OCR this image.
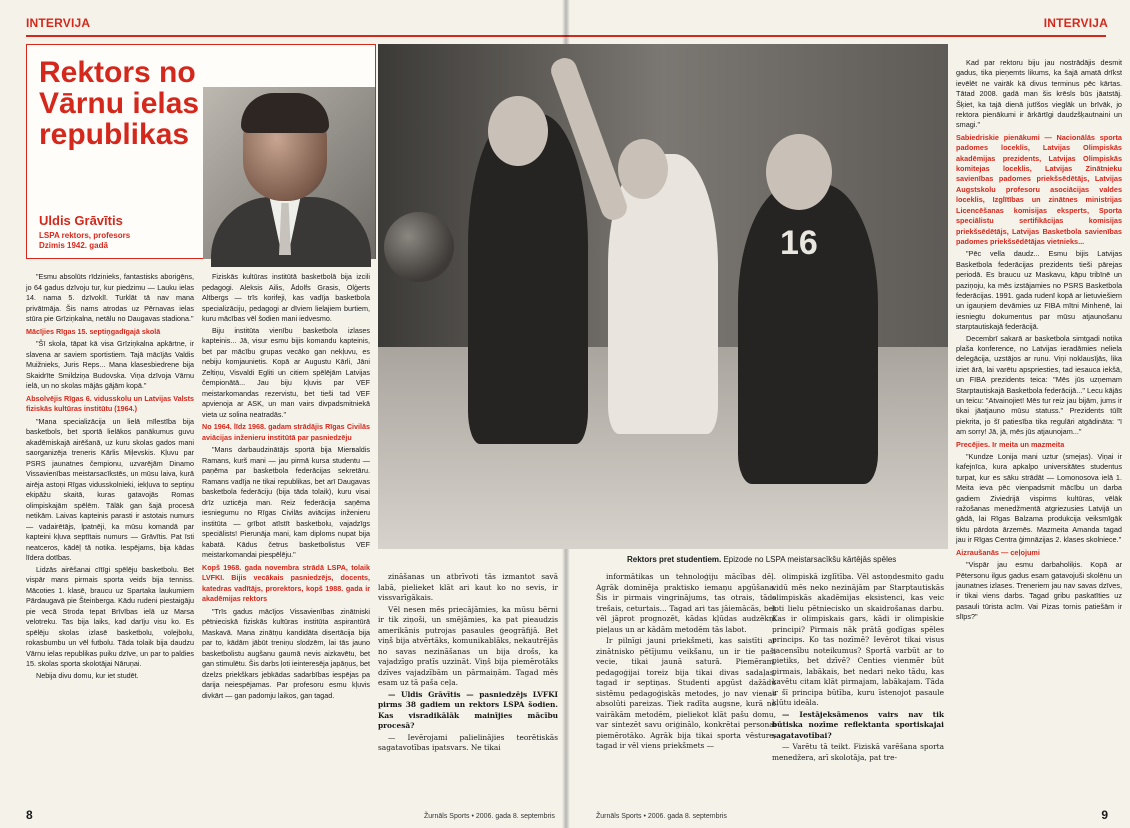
INTERVIJA
Rektors no Vārnu ielas republikas
Uldis Grāvītis
LSPA rektors, profesors
Dzimis 1942. gadā

"Esmu absolūts rīdzinieks, fantastisks aborigēns, jo 64 gadus dzīvoju tur, kur piedzimu — Lauku ielas 14. nama 5. dzīvoklī. Turklāt tā nav mana privātmāja. Šis nams atrodas uz Pērnavas ielas stūra pie Grīziņkalna, netālu no Daugavas stadiona."

Mācījies Rīgas 15. septiņgadīgajā skolā

"Šī skola, tāpat kā visa Grīziņkalna apkārtne, ir slavena ar saviem sportistiem. Tajā mācījās Valdis Muižnieks, Juris Reps... Mana klasesbiedrene bija Skaidrīte Smildziņa Budovska. Viņa dzīvoja Vārnu ielā, un no skolas mājās gājām kopā."

Absolvējis Rīgas 6. vidusskolu un Latvijas Valsts fiziskās kultūras institūtu (1964.)

"Mana specializācija un lielā mīlestība bija basketbols, bet sportā lielākos panākumus guvu akadēmiskajā airēšanā, uz kuru skolas gados mani saorganizēja treneris Kārlis Miļevskis. Kļuvu par PSRS jaunatnes čempionu, uzvarējām Dinamo Vissavienības meistarsacīkstēs, un mūsu laiva, kurā airēja astoņi Rīgas vidusskolnieki, iekļuva to septiņu ekipāžu skaitā, kuras gatavojās Romas olimpiskajām spēlēm. Tālāk gan šajā procesā netikām. Laivas kapteinis parasti ir astotais numurs — vadairētājs, lpatnēji, ka mūsu komandā par kapteini kļuva septītais numurs — Grāvītis. Pat īsti neatceros, kādēļ tā notika. Iespējams, bija kādas līdera dotības.

Lidzās airēšanai cītīgi spēlēju basketbolu. Bet vispār mans pirmais sporta veids bija tenniss. Mācoties 1. klasē, braucu uz Spartaka laukumiem Pārdaugavā pie Šteinberga. Kādu rudeni piestaigāju pie vecā Stroda tepat Brīvības ielā uz Marsa velotreku. Tas bija laiks, kad darīju visu ko. Es spēlēju skolas izlasē basketbolu, volejbolu, rokasbumbu un vēl futbolu. Tāda tolaik bija daudzu Vārnu ielas republikas puiku dzīve, un par to paldies 15. skolas sporta skolotājai Nāruņai.

Nebija divu domu, kur iet studēt.

Fiziskās kultūras institūtā basketbolā bija izcili pedagogi. Aleksis Ailis, Ādolfs Grasis, Olģerts Altbergs — trīs korifeji, kas vadīja basketbola specializāciju, pedagogi ar dīviem lielajiem burtiem, kuru mācības vēl šodien mani iedvesmo.

Biju institūta vienību basketbola izlases kapteinis... Jā, visur esmu bijis komandu kapteinis, bet par mācību grupas vecāko gan nekļuvu, es nebiju komjaunietis. Kopā ar Augustu Kārli, Jāni Zeltiņu, Visvaldi Egliti un citiem spēlējām Latvijas čempionātā... Jau biju kļuvis par VEF meistarkomandas rezervistu, bet tieši tad VEF apvienoja ar ASK, un man vairs divpadsmitniekā vieta uz solina neatradās."

No 1964. līdz 1968. gadam strādājis Rīgas Civilās aviācijas inženieru institūtā par pasniedzēju

"Mans darbaudzinātājs sportā bija Mierваldis Ramans, kurš mani — jau pirmā kursa studentu — paņēma par basketbola federācijas sekretāru. Ramans vadīja ne tikai republikas, bet arī Daugavas basketbola federāciju (bija tāda tolaik), kuru visai drīz uzticēja man. Reiz federācija saņēma iesniegumu no Rīgas Civilās aviācijas inženieru institūta — grībot atīstīt basketbolu, vajadzīgs speciālists! Pierunāja mani, kam diploms nupat bija kabatā. Kādus četrus basketbolistus VEF meistarkomandai piespēlēju."

Kopš 1968. gada novembra strādā LSPA, tolaik LVFKI. Bijis vecākais pasniedzējs, docents, katedras vadītājs, prorektors, kopš 1988. gada ir akadēmijas rektors

"Trīs gadus mācījos Vissavienības zinātniski pētnieciskā fiziskās kultūras institūta aspirantūrā Maskavā. Mana zinātņu kandidāta disertācija bija par to, kādām jābūt treniņu slodzēm, lai tās jauno basketbolistu augšanu gaumā nevis aizkavētu, bet gan stimulētu. Šis darbs ļoti ieinteresēja japāņus, bet dzelzs priekškars jebkādas sadarbības iespējas pa darija neiespējamas. Par profesoru esmu kļuvis divkārt — gan padomju laikos, gan tagad.

zināšanas un atbrīvoti tās izmantot savā labā, pielieket klāt ari kaut ko no sevis, ir vissvarīgākais.

Vēl nesen mēs priecājāmies, ka mūsu bērni ir tik ziņoši, un smējāmies, ka pat pieaudzis amerikānis putrojas pasaules ģeogrāfijā. Bet viņš bija atvērtāks, komunikablāks, nekautrējās no savas nezināšanas un bija drošs, ka vajadzīgo pratīs uzzināt. Viņš bija piemērotāks dzīves vajadzībām un pārmaiņām. Tagad mēs esam uz tā paša ceļa.

— Uldis Grāvītis — pasniedzējs LVFKI pirms 38 gadiem un rektors LSPA šodien. Kas visradikālāk mainījies mācību procesā?

— Ievērojami palielinājies teorētiskās sagatavotības ipatsvars. Ne tikai

8
INTERVIJA

informātikas un tehnoloģiju mācības dēļ. Agrāk dominēja praktisko iemaņu apgūšana. Šis ir pirmais vingrinājums, tas otrais, tāds trešais, ceturtais... Tagad ari tas jāiemācās, bet vēl jāprot prognozēt, kādas kļūdas audzēkņi pieļaus un ar kādām metodēm tās labot.

Ir pilnīgi jauni priekšmeti, kas saistīti ar zinātnisko pētījumu veikšanu, un ir tie paši vecie, tikai jaunā saturā. Piemēram, pedagoģijai toreiz bija tikai divas sadaļas, tagad ir septiņas. Studenti apgūst dažādu sistēmu pedagoģiskās metodes, jo nav vienas absolūti pareizas. Tiek radīta augsne, kurā no vairākām metodēm, pieliekot klāt pašu domu, var sintezēt savu oriģinālo, konkrētai personai piemērotāko. Agrāk bija tikai sporta vēsture, tagad ir vēl viens priekšmets —

olimpiskā izglītība. Vēl astoņdesmito gadu vidū mēs neko nezinājām par Starptautiskās olimpiskās akadēmijas eksistenci, kas veic ļoti lielu pētniecisko un skaidrošanas darbu. Kas ir olimpiskais gars, kādi ir olimpiskie principi? Pirmais nāk prātā godīgas spēles princips. Ko tas nozīmē? Ievērot tikai visus sacensību noteikumus? Sportā varbūt ar to pietiks, bet dzīvē? Centies vienmēr būt pirmais, labākais, bet nedari neko tādu, kas kavētu citam klāt pirmajam, labākajam. Tāda ir šī principa būtība, kuru īstenojot pasaule kļūtu ideāla.

— Iestājeksāmenos vairs nav tik būtiska nozīme reflektanta sportiskajai sagatavotībai?

— Varētu tā teikt. Fiziskā varēšana sporta menedžera, arī skolotāja, pat tre-

Žurnāls Sports • 2006. gada 8. septembris	Žurnāls Sports • 2006. gada 8. septembris	9
16
Rektors pret studentiem. Epizode no LSPA meistarsacīkšu kārtējās spēles

Kad par rektoru biju jau nostrādājis desmit gadus, tika pieņemts likums, ka šajā amatā drīkst ievēlēt ne vairāk kā divus terminus pēc kārtas. Tātad 2008. gadā man šis krēsls būs jāatstāj. Šķiet, ka tajā dienā jutīšos vieglāk un brīvāk, jo rektora pienākumi ir ārkārtīgi daudzšķautnaini un smagi."

Sabiedriskie pienākumi — Nacionālās sporta padomes loceklis, Latvijas Olimpiskās akadēmijas prezidents, Latvijas Olimpiskās komitejas loceklis, Latvijas Zinātnieku savienības padomes priekšsēdētājs, Latvijas Augstskolu profesoru asociācijas valdes loceklis, Izglītības un zinātnes ministrijas Licencēšanas komisijas eksperts, Sporta speciālistu sertifikācijas komisijas priekšsēdētājs, Latvijas Basketbola savienības padomes priekšsēdētājas vietnieks...

"Pēc vella daudz... Esmu bijis Latvijas Basketbola federācijas prezidents tieši pārejas periodā. Es braucu uz Maskavu, kāpu tribīnē un paziņoju, ka mēs izstājamies no PSRS Basketbola federācijas. 1991. gada rudenī kopā ar lietuviešiem un igauņiem devāmies uz FIBA mītni Minhenē, lai iesniegtu dokumentus par mūsu atjaunošanu starptautiskajā federācijā.

Decembrī sakarā ar basketbola simtgadi notika plaša konference, no Latvijas ieradāmies neliela delegācija, uzstājos ar runu. Viņi noklausījās, lika iziet ārā, lai varētu apspriesties, tad iesauca iekšā, un FIBA prezidents teica: "Mēs jūs uzņemam Starptautiskajā Basketbola federācijā..." Lecu kājās un teicu: "Atvainojiet! Mēs tur reiz jau bijām, jums ir tikai jāatjauno mūsu statuss." Prezidents tūlīt piekrita, jo šī patiesība tika regulāri atgādināta: "I am sorry! Jā, jā, mēs jūs atjaunojam..."

Precējies. Ir meita un mazmeita

"Kundze Lonija mani uztur (smejas). Viņai ir kafejnīca, kura apkalpo universitātes studentus turpat, kur es sāku strādāt — Lomonosova ielā 1. Meita ieva pēc vienpadsmit mācību un darba gadiem Ziviedrijā vispirms kultūras, vēlāk ražošanas menedžmentā atgriezusies Latvijā un gādā, lai Rīgas Balzama produkcija veiksmīgāk tiktu pārdota ārzemēs. Mazmeita Amanda tagad jau ir Rīgas Centra ģimnāzijas 2. klases skolniece."

Aizraušanās — ceļojumi

"Vispār jau esmu darbaholiķis. Kopā ar Pētersonu ilgus gadus esam gatavojuši skolēnu un jaunatnes izlases. Treneriem jau nav savas dzīves, ir tikai viens darbs. Tagad gribu paskatīties uz pasauli tūrista acīm. Vai Pizas tornis patiešām ir slīps?"
